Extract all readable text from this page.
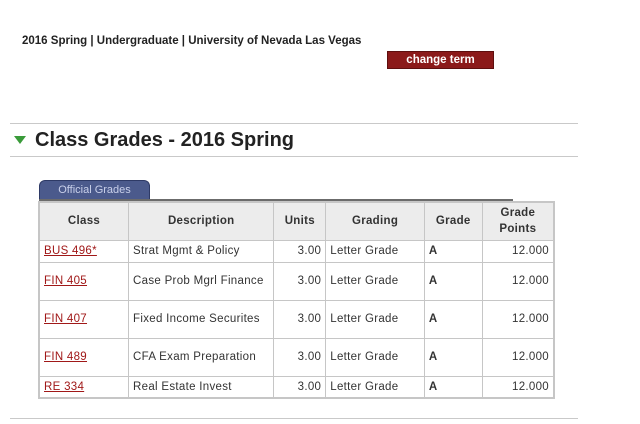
2016 Spring | Undergraduate | University of Nevada Las Vegas
change term
Class Grades - 2016 Spring
Official Grades
Class	Description	Units	Grading	Grade	Grade Points
BUS 496*	Strat Mgmt & Policy	3.00	Letter Grade	A	12.000
FIN 405	Case Prob Mgrl Finance	3.00	Letter Grade	A	12.000
FIN 407	Fixed Income Securites	3.00	Letter Grade	A	12.000
FIN 489	CFA Exam Preparation	3.00	Letter Grade	A	12.000
RE 334	Real Estate Invest	3.00	Letter Grade	A	12.000
